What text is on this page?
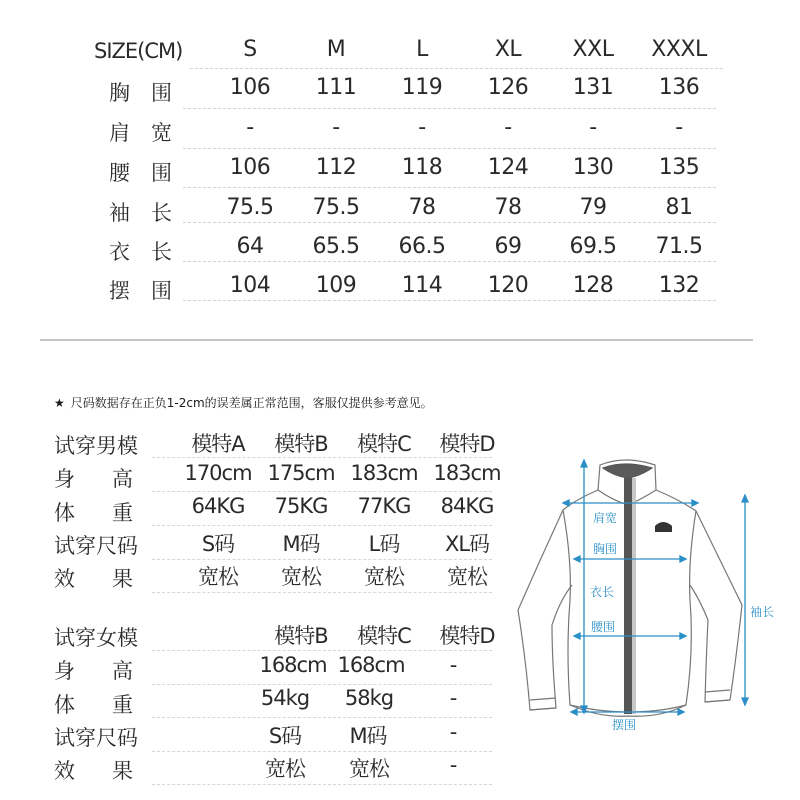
SIZE(CM)	S	M	L	XL	XXL	XXXL
胸 围	106	111	119	126	131	136
肩 宽	-	-	-	-	-	-
腰 围	106	112	118	124	130	135
袖 长	75.5	75.5	78	78	79	81
衣 长	64	65.5	66.5	69	69.5	71.5
摆 围	104	109	114	120	128	132
★ 尺码数据存在正负1-2cm的误差属正常范围，客服仅提供参考意见。
试穿男模	模特A	模特B	模特C	模特D
身 高	170cm 175cm 183cm 183cm
体 重	64KG	75KG	77KG	84KG
试穿尺码	S码	M码	L码	XL码
效 果	宽松	宽松	宽松	宽松
试穿女模	模特B	模特C	模特D
身 高	168cm 168cm	-
体 重	54kg	58kg	-
试穿尺码	S码	M码	-
效 果	宽松	宽松	-
肩宽
胸围
衣长
腰围
袖长
摆围
